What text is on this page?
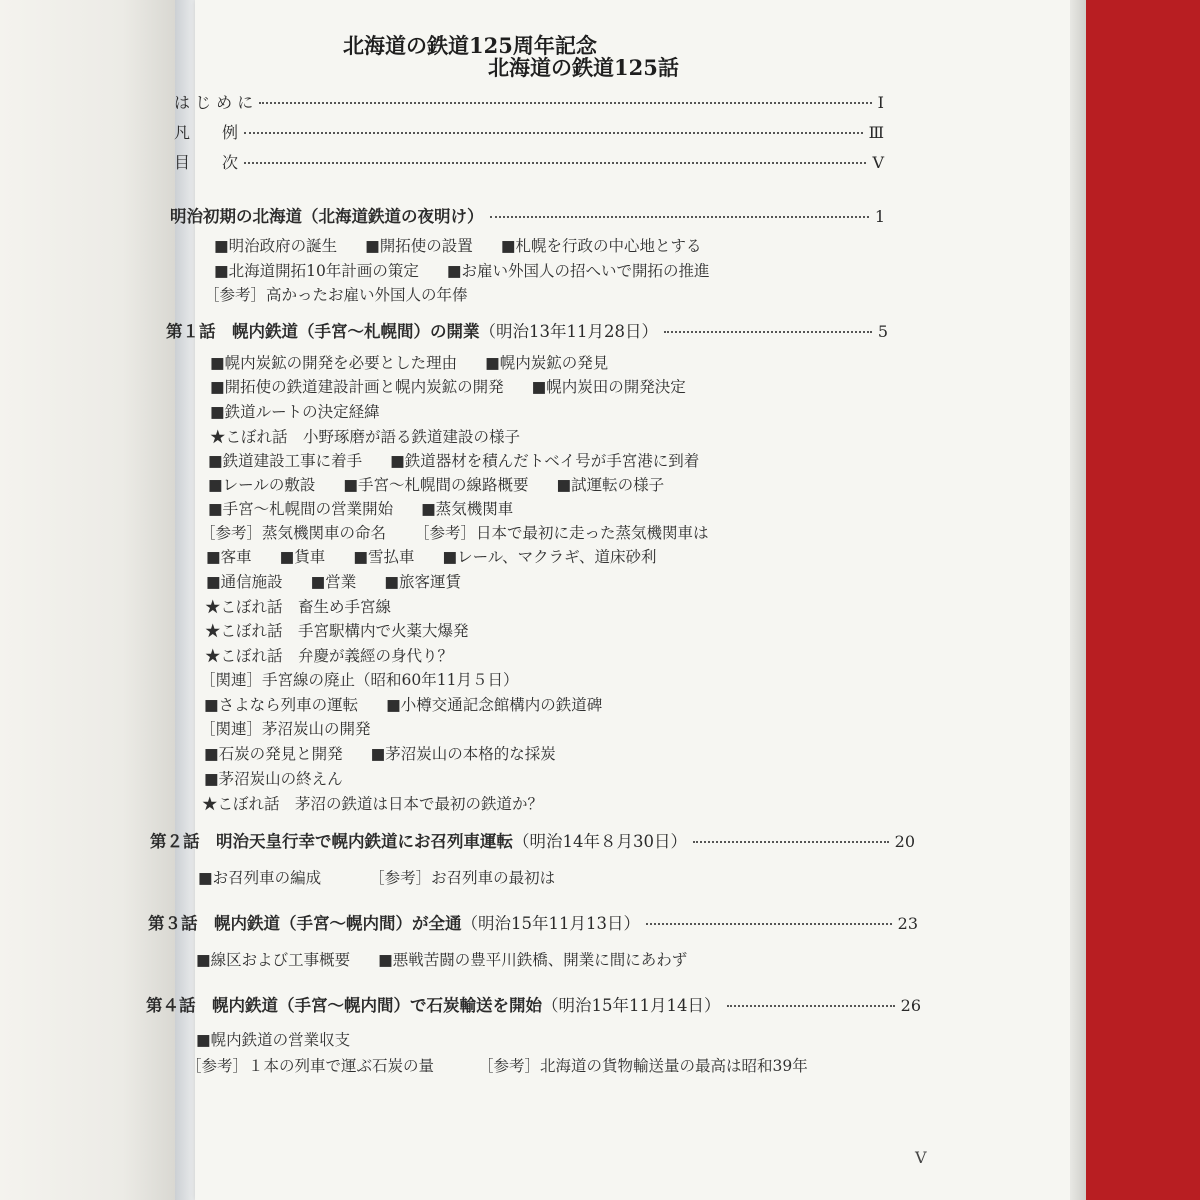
北海道の鉄道125周年記念
北海道の鉄道125話
は じ め に	I
凡　　例	Ⅲ
目　　次	V
明治初期の北海道（北海道鉄道の夜明け）	1
■明治政府の誕生 ■開拓使の設置 ■札幌を行政の中心地とする
■北海道開拓10年計画の策定 ■お雇い外国人の招へいで開拓の推進
［参考］高かったお雇い外国人の年俸
第１話　幌内鉄道（手宮～札幌間）の開業（明治13年11月28日）	5
■幌内炭鉱の開発を必要とした理由 ■幌内炭鉱の発見
■開拓使の鉄道建設計画と幌内炭鉱の開発 ■幌内炭田の開発決定
■鉄道ルートの決定経緯
★こぼれ話　小野琢磨が語る鉄道建設の様子
■鉄道建設工事に着手 ■鉄道器材を積んだトベイ号が手宮港に到着
■レールの敷設 ■手宮～札幌間の線路概要 ■試運転の様子
■手宮～札幌間の営業開始 ■蒸気機関車
［参考］蒸気機関車の命名 ［参考］日本で最初に走った蒸気機関車は
■客車 ■貨車 ■雪払車 ■レール、マクラギ、道床砂利
■通信施設 ■営業 ■旅客運賃
★こぼれ話　畜生め手宮線
★こぼれ話　手宮駅構内で火薬大爆発
★こぼれ話　弁慶が義經の身代り？
［関連］手宮線の廃止（昭和60年11月５日）
■さよなら列車の運転 ■小樽交通記念館構内の鉄道碑
［関連］茅沼炭山の開発
■石炭の発見と開発 ■茅沼炭山の本格的な採炭
■茅沼炭山の終えん
★こぼれ話　茅沼の鉄道は日本で最初の鉄道か？
第２話　明治天皇行幸で幌内鉄道にお召列車運転（明治14年８月30日）	20
■お召列車の編成	［参考］お召列車の最初は
第３話　幌内鉄道（手宮～幌内間）が全通（明治15年11月13日）	23
■線区および工事概要 ■悪戦苦闘の豊平川鉄橋、開業に間にあわず
第４話　幌内鉄道（手宮～幌内間）で石炭輸送を開始（明治15年11月14日）	26
■幌内鉄道の営業収支
［参考］１本の列車で運ぶ石炭の量	［参考］北海道の貨物輸送量の最高は昭和39年
V
